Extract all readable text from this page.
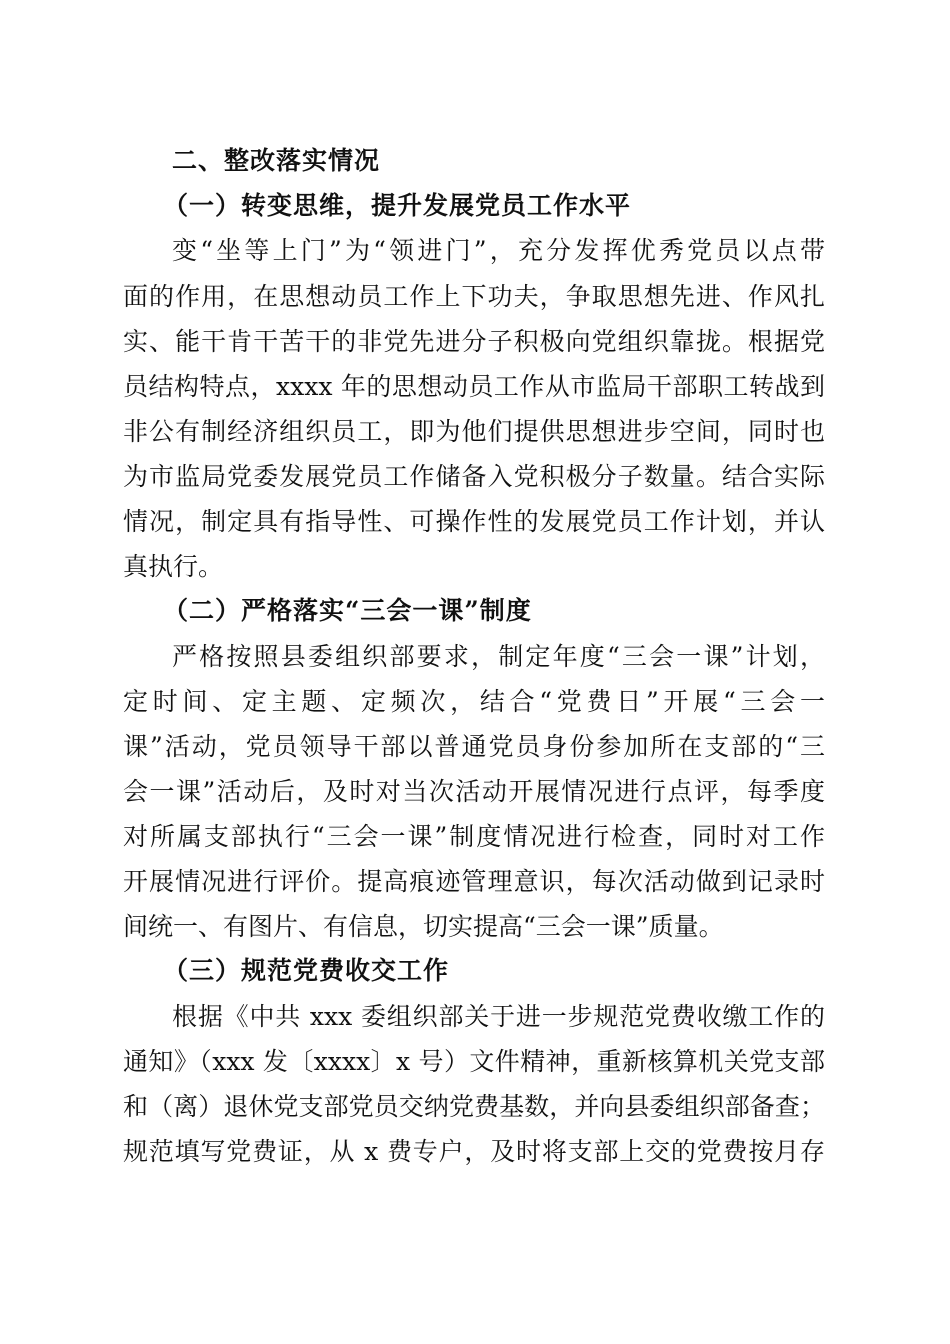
二、整改落实情况
（一）转变思维，提升发展党员工作水平
变“坐等上门”为“领进门”，充分发挥优秀党员以点带
面的作用，在思想动员工作上下功夫，争取思想先进、作风扎
实、能干肯干苦干的非党先进分子积极向党组织靠拢。根据党
员结构特点，xxxx 年的思想动员工作从市监局干部职工转战到
非公有制经济组织员工，即为他们提供思想进步空间，同时也
为市监局党委发展党员工作储备入党积极分子数量。结合实际
情况，制定具有指导性、可操作性的发展党员工作计划，并认
真执行。
（二）严格落实“三会一课”制度
严格按照县委组织部要求，制定年度“三会一课”计划，
定时间、定主题、定频次，结合“党费日”开展“三会一
课”活动，党员领导干部以普通党员身份参加所在支部的“三
会一课”活动后，及时对当次活动开展情况进行点评，每季度
对所属支部执行“三会一课”制度情况进行检查，同时对工作
开展情况进行评价。提高痕迹管理意识，每次活动做到记录时
间统一、有图片、有信息，切实提高“三会一课”质量。
（三）规范党费收交工作
根据《中共 xxx 委组织部关于进一步规范党费收缴工作的
通知》（xxx 发〔xxxx〕x 号）文件精神，重新核算机关党支部
和（离）退休党支部党员交纳党费基数，并向县委组织部备查；
规范填写党费证，从 x 费专户，及时将支部上交的党费按月存
